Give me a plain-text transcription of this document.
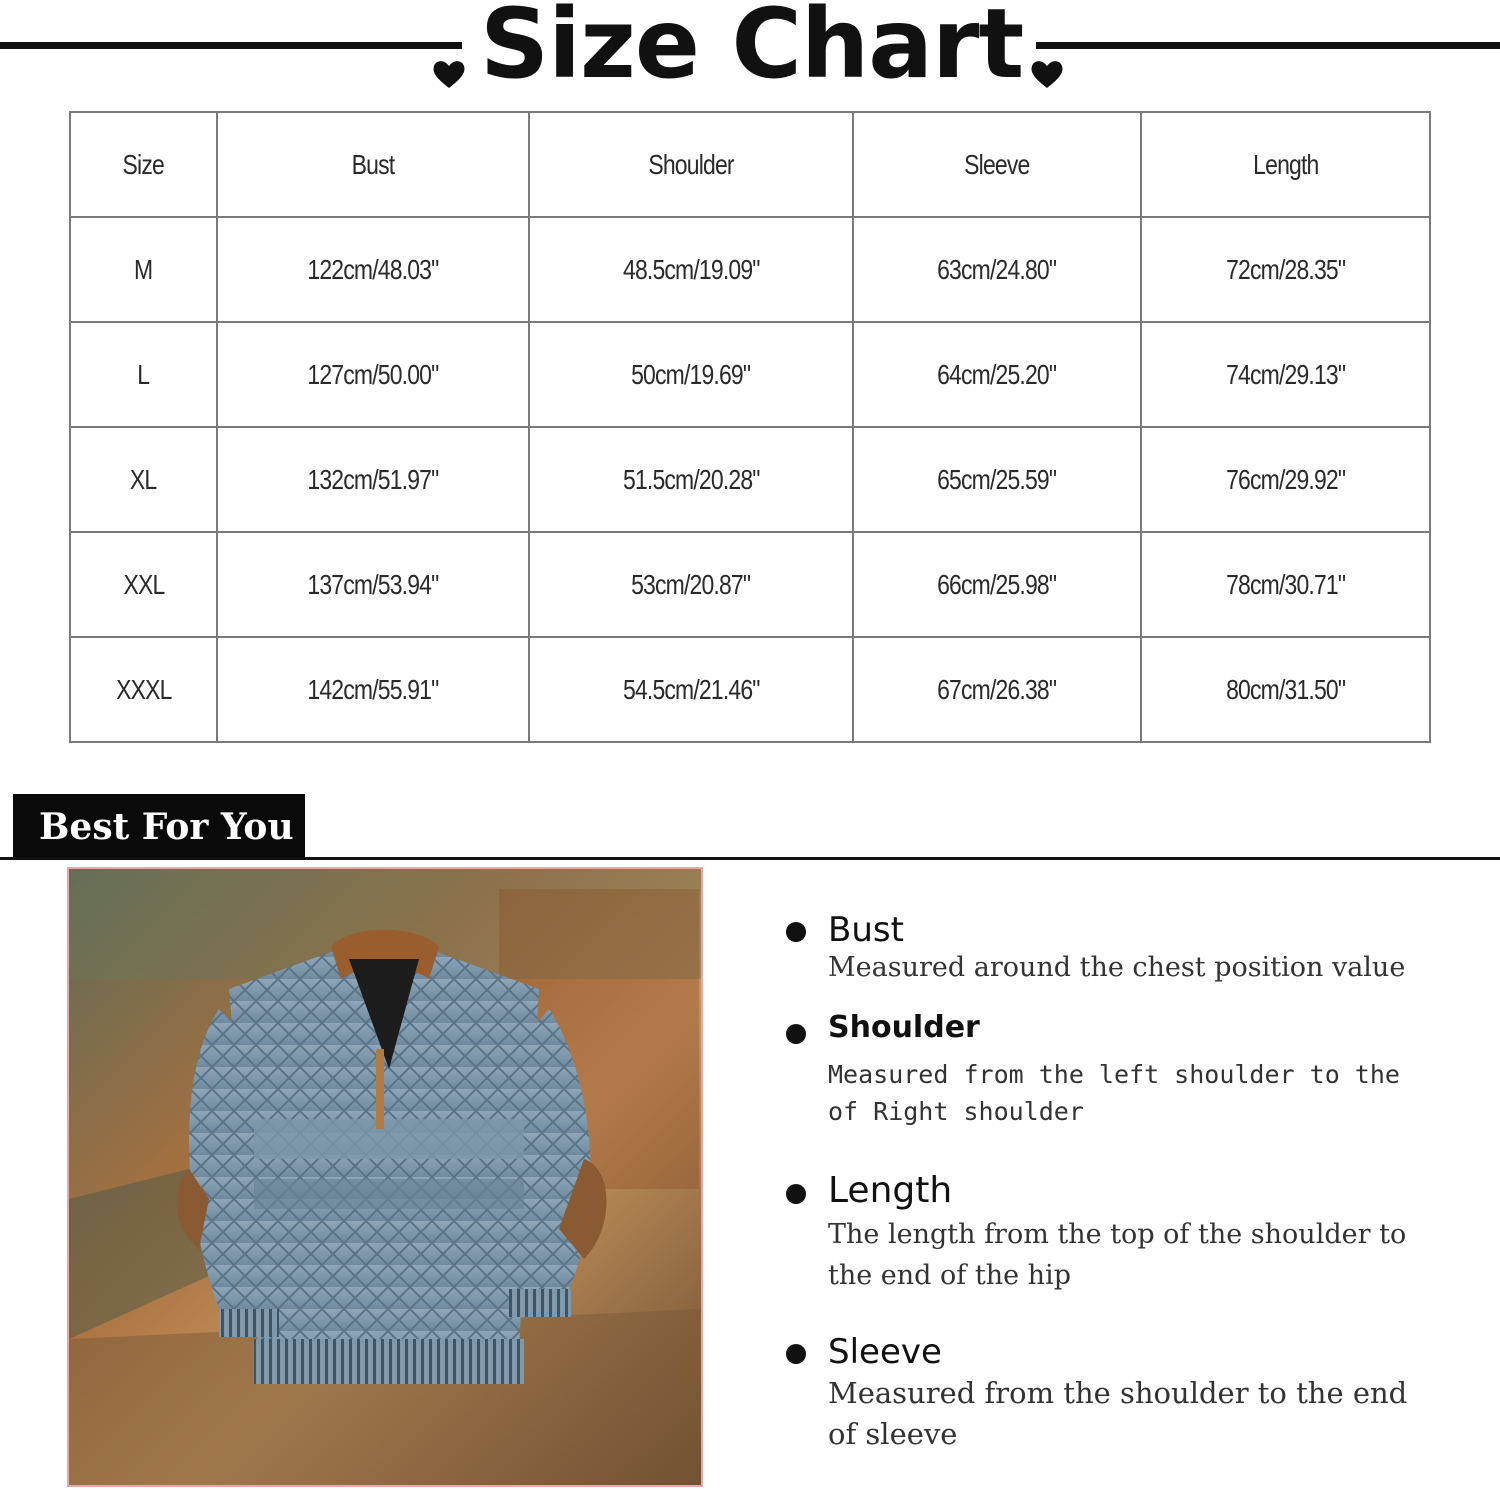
Size Chart
Size	Bust	Shoulder	Sleeve	Length
M	122cm/48.03"	48.5cm/19.09"	63cm/24.80"	72cm/28.35"
L	127cm/50.00"	50cm/19.69"	64cm/25.20"	74cm/29.13"
XL	132cm/51.97"	51.5cm/20.28"	65cm/25.59"	76cm/29.92"
XXL	137cm/53.94"	53cm/20.87"	66cm/25.98"	78cm/30.71"
XXXL	142cm/55.91"	54.5cm/21.46"	67cm/26.38"	80cm/31.50"
Best For You
Bust
Measured around the chest position value
Shoulder
Measured from the left shoulder to the
of Right shoulder
Length
The length from the top of the shoulder to
the end of the hip
Sleeve
Measured from the shoulder to the end
of sleeve
